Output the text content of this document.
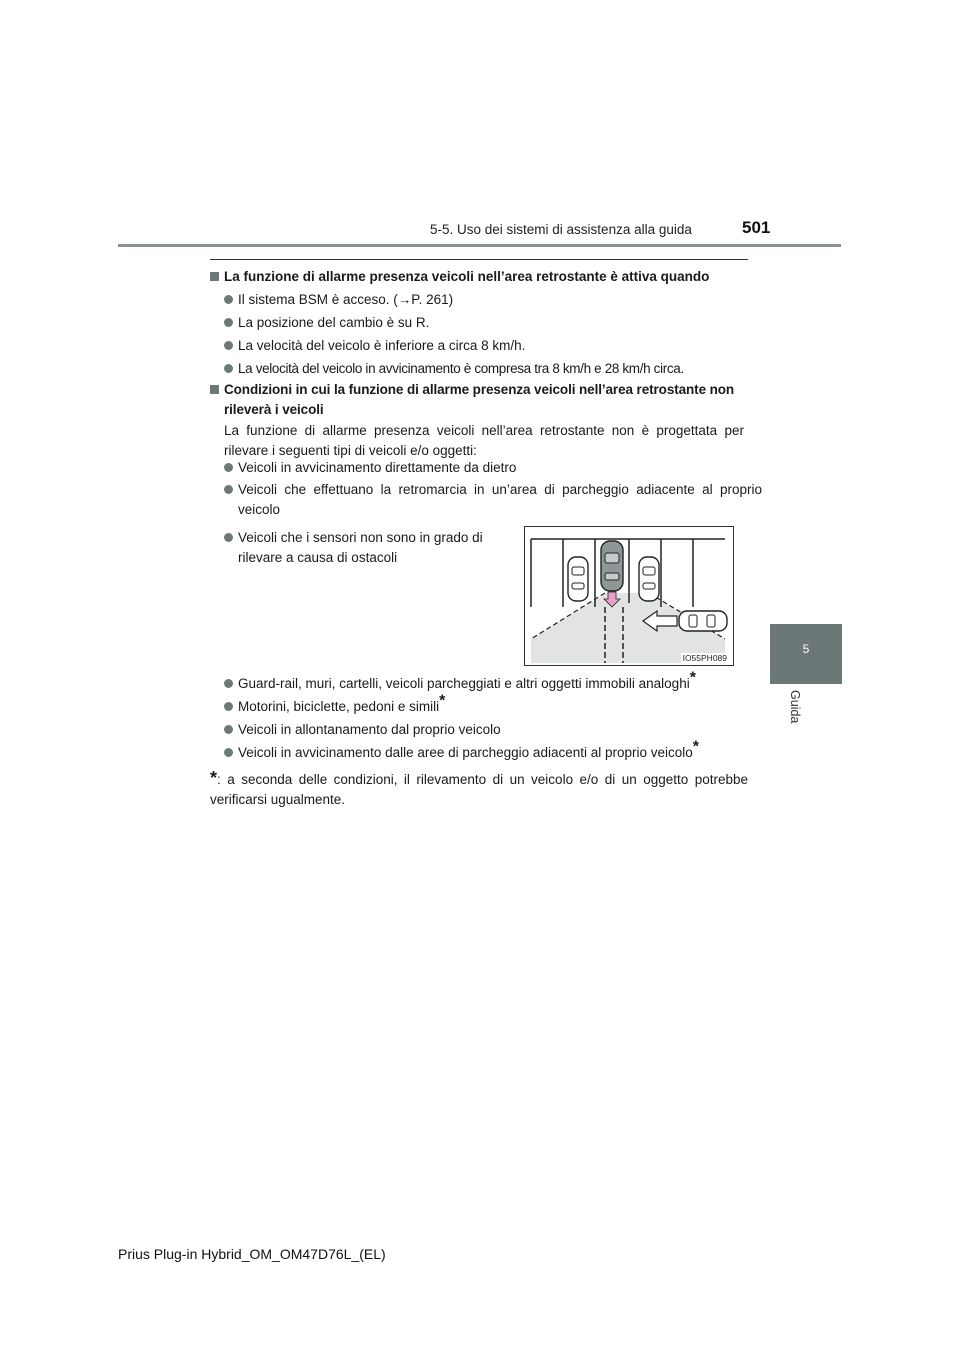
5-5. Uso dei sistemi di assistenza alla guida	501
5
Guida
La funzione di allarme presenza veicoli nell’area retrostante è attiva quando
Il sistema BSM è acceso. (→P. 261)
La posizione del cambio è su R.
La velocità del veicolo è inferiore a circa 8 km/h.
La velocità del veicolo in avvicinamento è compresa tra 8 km/h e 28 km/h circa.
Condizioni in cui la funzione di allarme presenza veicoli nell’area retrostante non
rileverà i veicoli
La funzione di allarme presenza veicoli nell’area retrostante non è progettata per rilevare i seguenti tipi di veicoli e/o oggetti:
Veicoli in avvicinamento direttamente da dietro
Veicoli che effettuano la retromarcia in un’area di parcheggio adiacente al proprio veicolo
Veicoli che i sensori non sono in grado di rilevare a causa di ostacoli
IO55PH089
Guard-rail, muri, cartelli, veicoli parcheggiati e altri oggetti immobili analoghi*
Motorini, biciclette, pedoni e simili*
Veicoli in allontanamento dal proprio veicolo
Veicoli in avvicinamento dalle aree di parcheggio adiacenti al proprio veicolo*
*: a seconda delle condizioni, il rilevamento di un veicolo e/o di un oggetto potrebbe verificarsi ugualmente.
Prius Plug-in Hybrid_OM_OM47D76L_(EL)
